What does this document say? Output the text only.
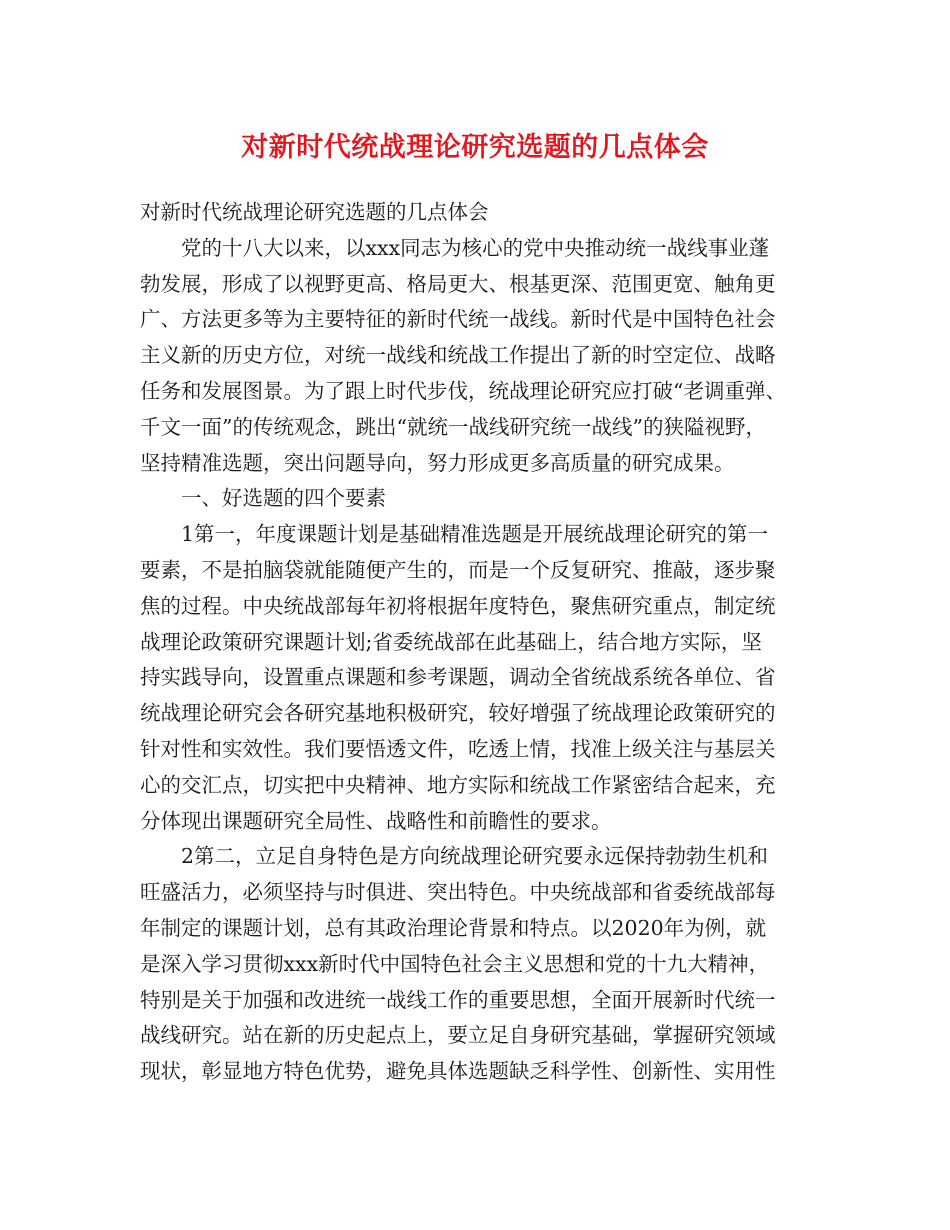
对新时代统战理论研究选题的几点体会
对新时代统战理论研究选题的几点体会
党的十八大以来，以xxx同志为核心的党中央推动统一战线事业蓬
勃发展，形成了以视野更高、格局更大、根基更深、范围更宽、触角更
广、方法更多等为主要特征的新时代统一战线。新时代是中国特色社会
主义新的历史方位，对统一战线和统战工作提出了新的时空定位、战略
任务和发展图景。为了跟上时代步伐，统战理论研究应打破“老调重弹、
千文一面”的传统观念，跳出“就统一战线研究统一战线”的狭隘视野，
坚持精准选题，突出问题导向，努力形成更多高质量的研究成果。
一、好选题的四个要素
1第一，年度课题计划是基础精准选题是开展统战理论研究的第一
要素，不是拍脑袋就能随便产生的，而是一个反复研究、推敲，逐步聚
焦的过程。中央统战部每年初将根据年度特色，聚焦研究重点，制定统
战理论政策研究课题计划;省委统战部在此基础上，结合地方实际，坚
持实践导向，设置重点课题和参考课题，调动全省统战系统各单位、省
统战理论研究会各研究基地积极研究，较好增强了统战理论政策研究的
针对性和实效性。我们要悟透文件，吃透上情，找准上级关注与基层关
心的交汇点，切实把中央精神、地方实际和统战工作紧密结合起来，充
分体现出课题研究全局性、战略性和前瞻性的要求。
2第二，立足自身特色是方向统战理论研究要永远保持勃勃生机和
旺盛活力，必须坚持与时俱进、突出特色。中央统战部和省委统战部每
年制定的课题计划，总有其政治理论背景和特点。以2020年为例，就
是深入学习贯彻xxx新时代中国特色社会主义思想和党的十九大精神，
特别是关于加强和改进统一战线工作的重要思想，全面开展新时代统一
战线研究。站在新的历史起点上，要立足自身研究基础，掌握研究领域
现状，彰显地方特色优势，避免具体选题缺乏科学性、创新性、实用性
